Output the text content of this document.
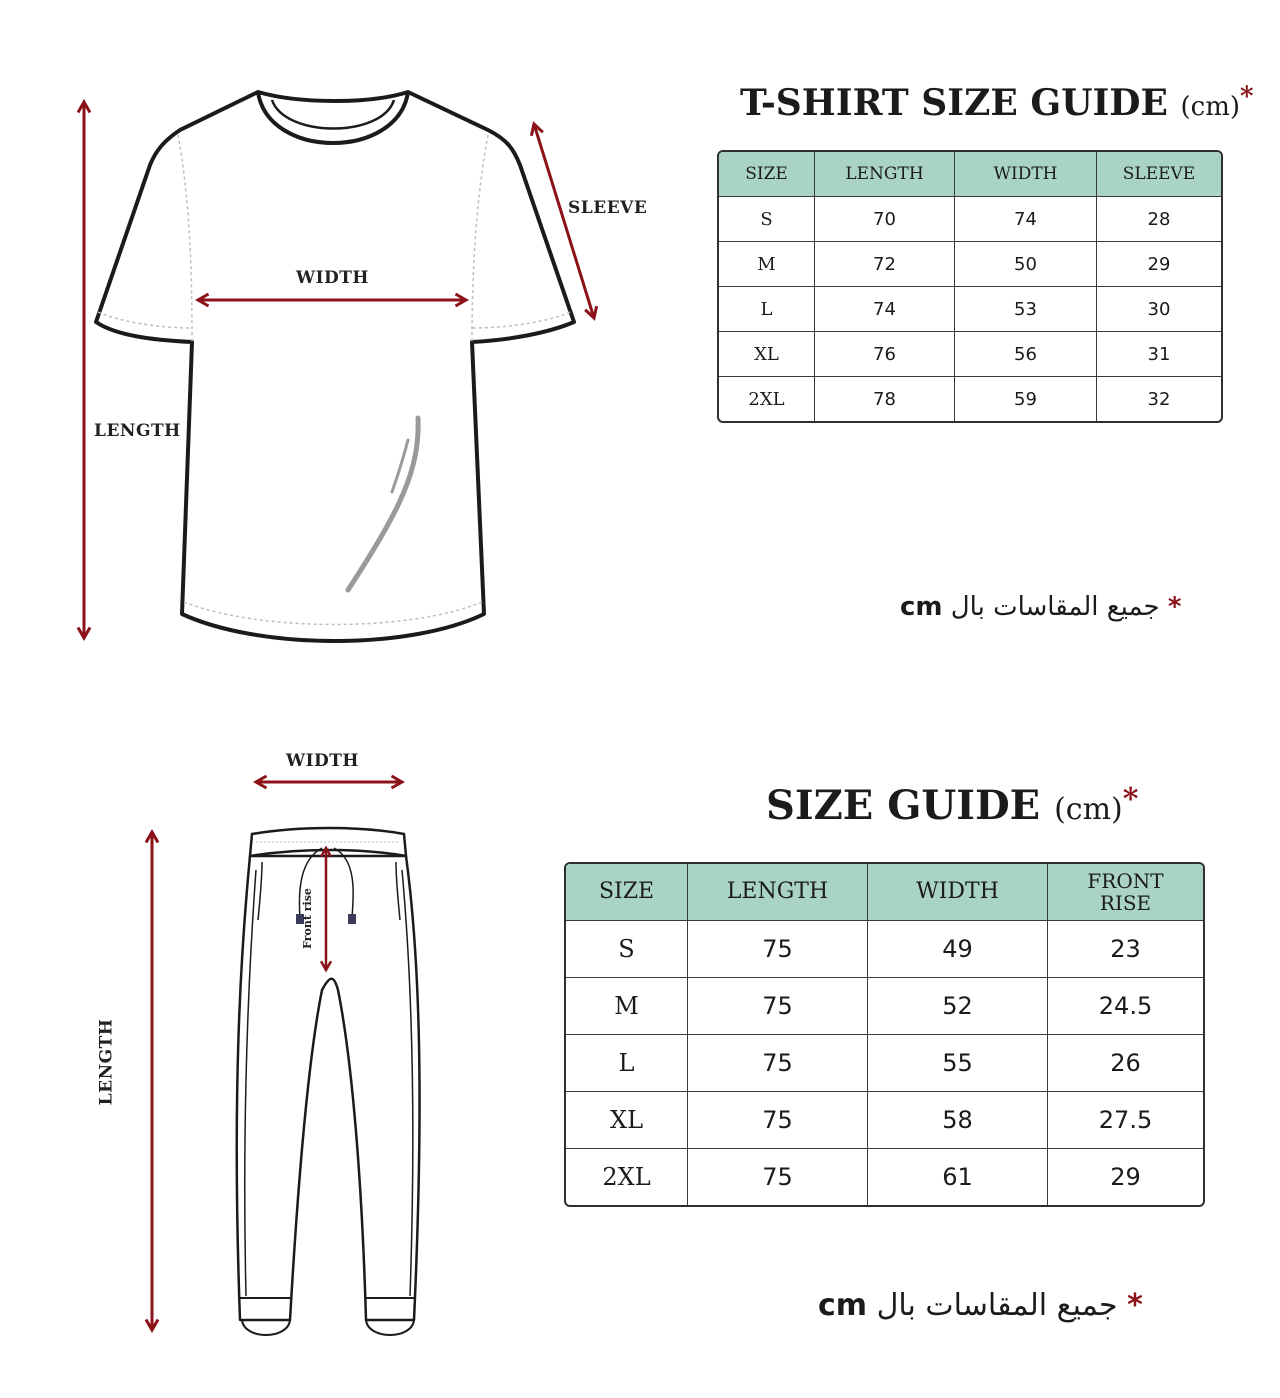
LENGTH
WIDTH
SLEEVE
T-SHIRT SIZE GUIDE (cm)*
SIZE	LENGTH	WIDTH	SLEEVE
S	70	74	28
M	72	50	29
L	74	53	30
XL	76	56	31
2XL	78	59	32
cm جميع المقاسات بال *
LENGTH
WIDTH
Front rise
SIZE GUIDE (cm)*
SIZE	LENGTH	WIDTH	FRONT RISE
S	75	49	23
M	75	52	24.5
L	75	55	26
XL	75	58	27.5
2XL	75	61	29
cm جميع المقاسات بال *
